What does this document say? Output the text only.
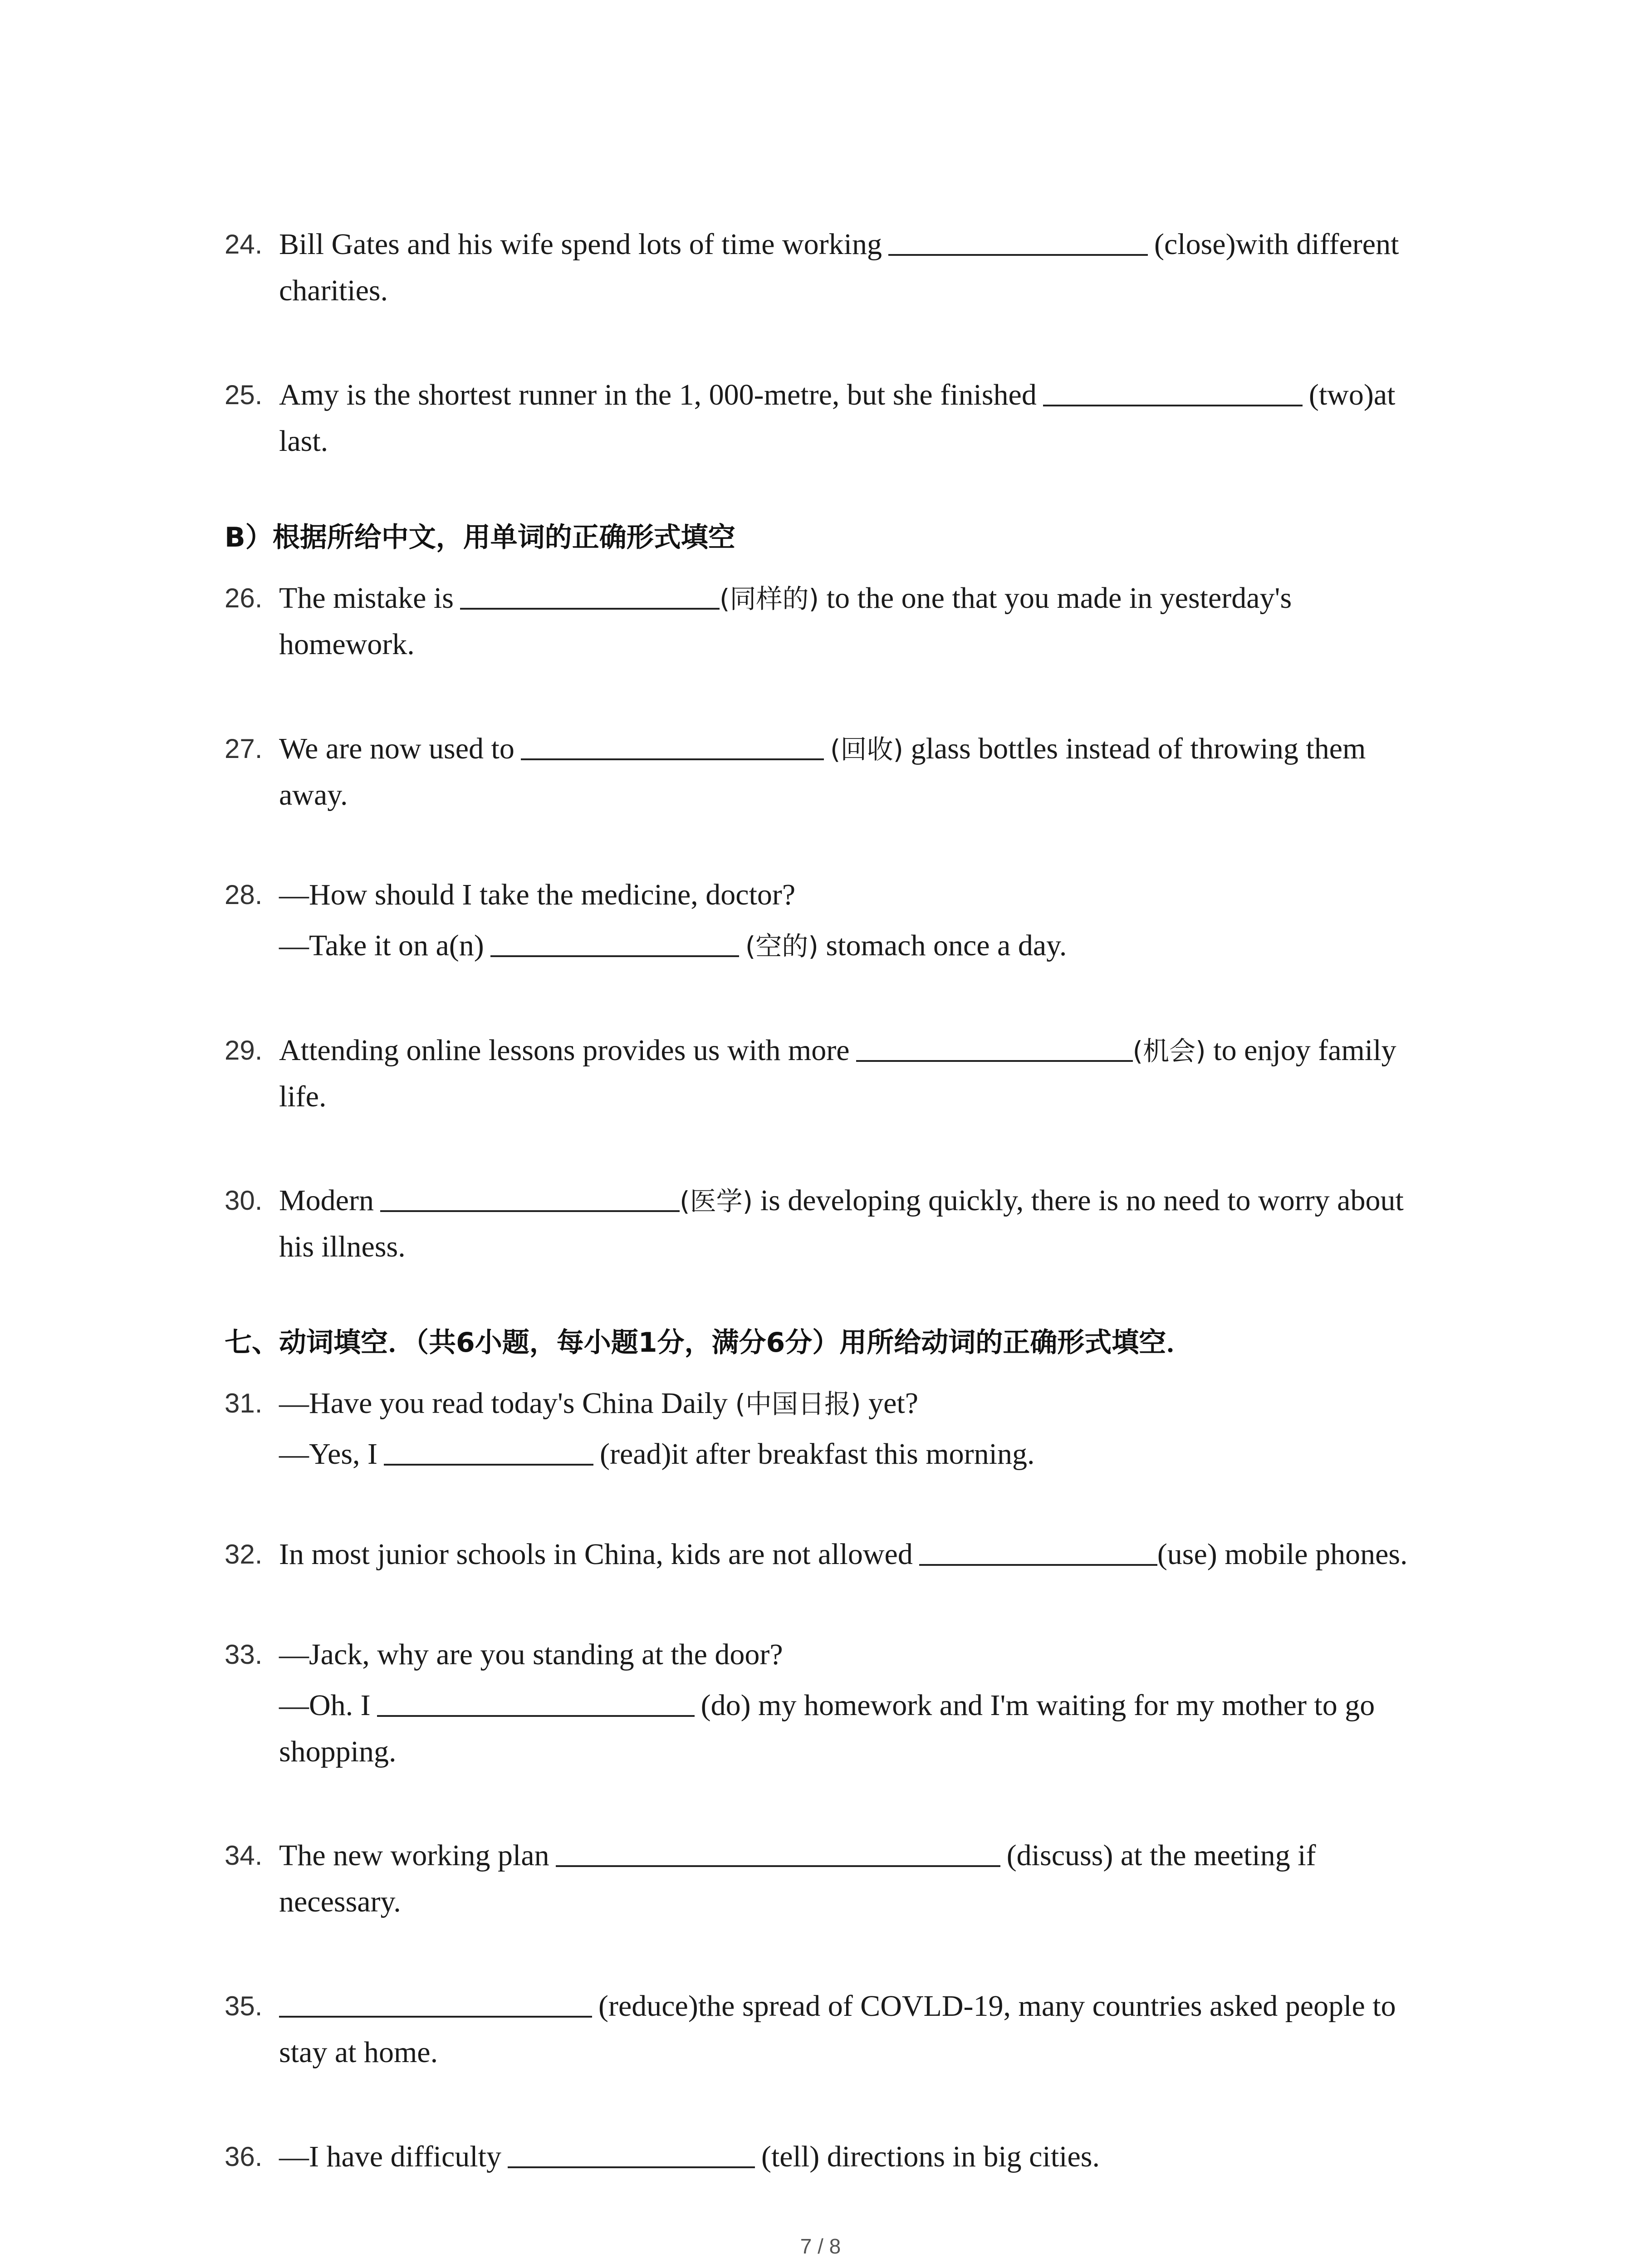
24. Bill Gates and his wife spend lots of time working	(close)with different
charities.
25. Amy is the shortest runner in the 1, 000-metre, but she finished	(two)at
last.
B）根据所给中文，用单词的正确形式填空
26. The mistake is	(同样的) to the one that you made in yesterday's
homework.
27. We are now used to	(回收) glass bottles instead of throwing them
away.
28. —How should I take the medicine, doctor?
—Take it on a(n)	(空的) stomach once a day.
29. Attending online lessons provides us with more	(机会) to enjoy family
life.
30. Modern	(医学) is developing quickly, there is no need to worry about
his illness.
七、动词填空．（共6小题，每小题1分，满分6分）用所给动词的正确形式填空．
31. —Have you read today's China Daily (中国日报) yet?
—Yes, I	(read)it after breakfast this morning.
32. In most junior schools in China, kids are not allowed	(use) mobile phones.
33. —Jack, why are you standing at the door?
—Oh. I	(do) my homework and I'm waiting for my mother to go
shopping.
34. The new working plan	(discuss) at the meeting if
necessary.
35.	(reduce)the spread of COVLD-19, many countries asked people to
stay at home.
36. —I have difficulty	(tell) directions in big cities.
7 / 8
